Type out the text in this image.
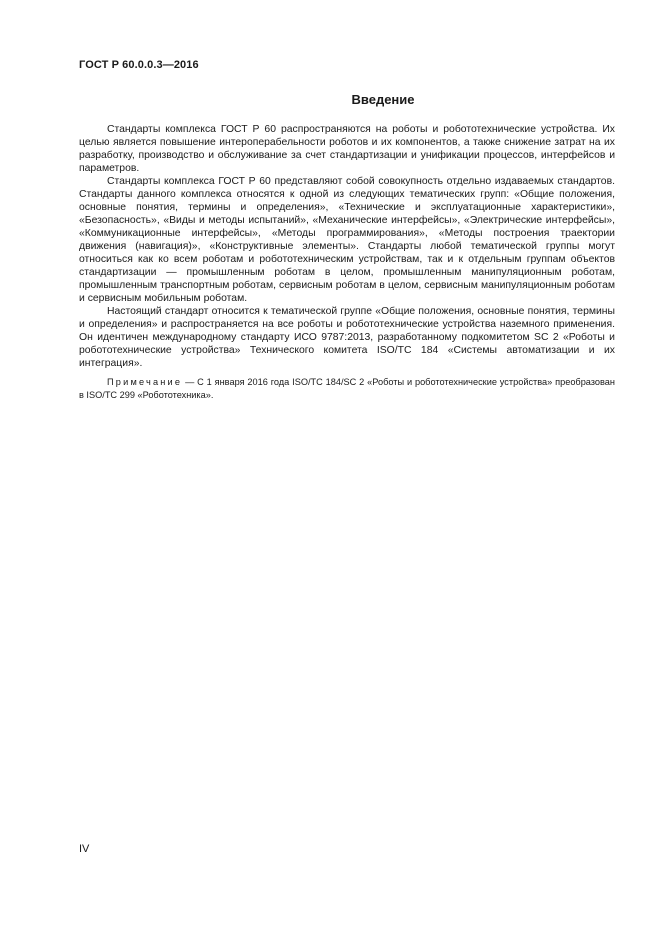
ГОСТ Р 60.0.0.3—2016
Введение

Стандарты комплекса ГОСТ Р 60 распространяются на роботы и робототехнические устройства. Их целью является повышение интероперабельности роботов и их компонентов, а также снижение затрат на их разработку, производство и обслуживание за счет стандартизации и унификации процессов, интерфейсов и параметров.

Стандарты комплекса ГОСТ Р 60 представляют собой совокупность отдельно издаваемых стандартов. Стандарты данного комплекса относятся к одной из следующих тематических групп: «Общие положения, основные понятия, термины и определения», «Технические и эксплуатационные характеристики», «Безопасность», «Виды и методы испытаний», «Механические интерфейсы», «Электрические интерфейсы», «Коммуникационные интерфейсы», «Методы программирования», «Методы построения траектории движения (навигация)», «Конструктивные элементы». Стандарты любой тематической группы могут относиться как ко всем роботам и робототехническим устройствам, так и к отдельным группам объектов стандартизации — промышленным роботам в целом, промышленным манипуляционным роботам, промышленным транспортным роботам, сервисным роботам в целом, сервисным манипуляционным роботам и сервисным мобильным роботам.

Настоящий стандарт относится к тематической группе «Общие положения, основные понятия, термины и определения» и распространяется на все роботы и робототехнические устройства наземного применения. Он идентичен международному стандарту ИСО 9787:2013, разработанному подкомитетом SC 2 «Роботы и робототехнические устройства» Технического комитета ISO/TC 184 «Системы автоматизации и их интеграция».

Примечание — С 1 января 2016 года ISO/TC 184/SC 2 «Роботы и робототехнические устройства» преобразован в ISO/TC 299 «Робототехника».

IV
